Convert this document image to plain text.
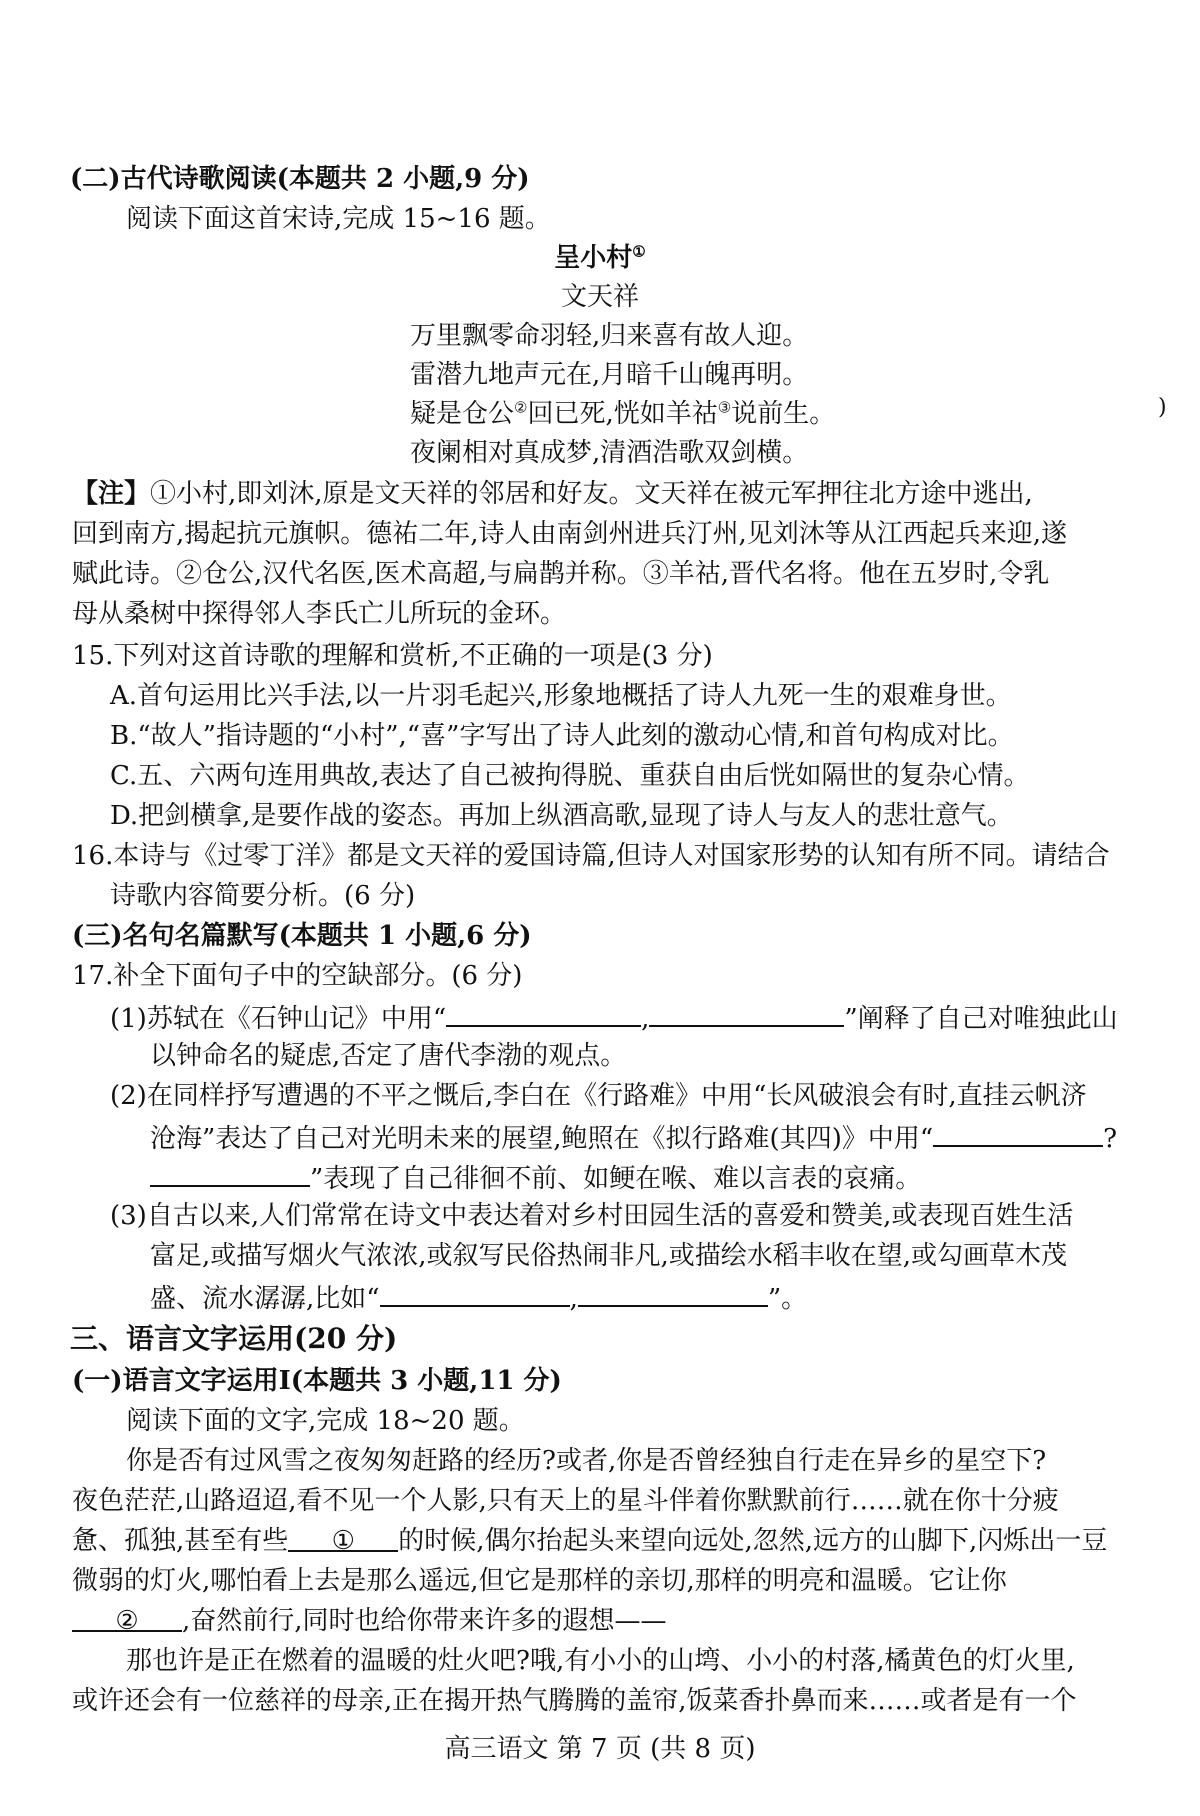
(二)古代诗歌阅读(本题共 2 小题,9 分)
阅读下面这首宋诗,完成 15~16 题。
呈小村①
文天祥
万里飘零命羽轻,归来喜有故人迎。
雷潜九地声元在,月暗千山魄再明。
疑是仓公②回已死,恍如羊祜③说前生。	)
夜阑相对真成梦,清酒浩歌双剑横。
【注】①小村,即刘沐,原是文天祥的邻居和好友。文天祥在被元军押往北方途中逃出,
回到南方,揭起抗元旗帜。德祐二年,诗人由南剑州进兵汀州,见刘沐等从江西起兵来迎,遂
赋此诗。②仓公,汉代名医,医术高超,与扁鹊并称。③羊祜,晋代名将。他在五岁时,令乳
母从桑树中探得邻人李氏亡儿所玩的金环。
15.下列对这首诗歌的理解和赏析,不正确的一项是(3 分)
A.首句运用比兴手法,以一片羽毛起兴,形象地概括了诗人九死一生的艰难身世。
B.“故人”指诗题的“小村”,“喜”字写出了诗人此刻的激动心情,和首句构成对比。
C.五、六两句连用典故,表达了自己被拘得脱、重获自由后恍如隔世的复杂心情。
D.把剑横拿,是要作战的姿态。再加上纵酒高歌,显现了诗人与友人的悲壮意气。
16.本诗与《过零丁洋》都是文天祥的爱国诗篇,但诗人对国家形势的认知有所不同。请结合
诗歌内容简要分析。(6 分)
(三)名句名篇默写(本题共 1 小题,6 分)
17.补全下面句子中的空缺部分。(6 分)
(1)苏轼在《石钟山记》中用“	,	”阐释了自己对唯独此山
以钟命名的疑虑,否定了唐代李渤的观点。
(2)在同样抒写遭遇的不平之慨后,李白在《行路难》中用“长风破浪会有时,直挂云帆济
沧海”表达了自己对光明未来的展望,鲍照在《拟行路难(其四)》中用“	?
”表现了自己徘徊不前、如鲠在喉、难以言表的哀痛。
(3)自古以来,人们常常在诗文中表达着对乡村田园生活的喜爱和赞美,或表现百姓生活
富足,或描写烟火气浓浓,或叙写民俗热闹非凡,或描绘水稻丰收在望,或勾画草木茂
盛、流水潺潺,比如“	,	”。
三、语言文字运用(20 分)
(一)语言文字运用Ⅰ(本题共 3 小题,11 分)
阅读下面的文字,完成 18~20 题。
你是否有过风雪之夜匆匆赶路的经历?或者,你是否曾经独自行走在异乡的星空下?
夜色茫茫,山路迢迢,看不见一个人影,只有天上的星斗伴着你默默前行……就在你十分疲
惫、孤独,甚至有些 ① 的时候,偶尔抬起头来望向远处,忽然,远方的山脚下,闪烁出一豆
微弱的灯火,哪怕看上去是那么遥远,但它是那样的亲切,那样的明亮和温暖。它让你
② ,奋然前行,同时也给你带来许多的遐想——
那也许是正在燃着的温暖的灶火吧?哦,有小小的山塆、小小的村落,橘黄色的灯火里,
或许还会有一位慈祥的母亲,正在揭开热气腾腾的盖帘,饭菜香扑鼻而来……或者是有一个
高三语文 第 7 页 (共 8 页)
